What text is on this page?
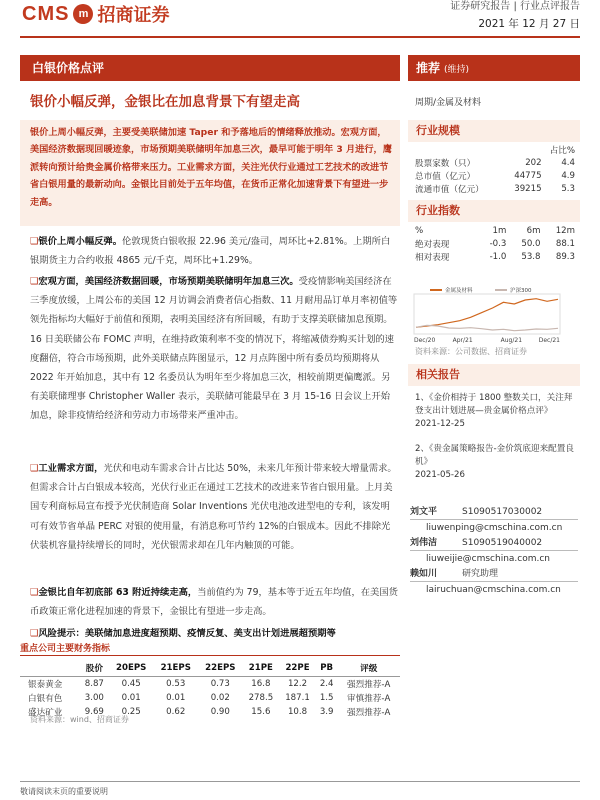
CMS m 招商证券	证券研究报告 | 行业点评报告
2021 年 12 月 27 日
白银价格点评	推荐 (维持)
银价小幅反弹，金银比在加息背景下有望走高	周期/金属及材料
银价上周小幅反弹，主要受美联储加速 Taper 和予落地后的情绪释放推动。宏观方面，美国经济数据现回暖迹象，市场预期美联储明年加息三次，最早可能于明年 3 月进行，鹰派转向预计给贵金属价格带来压力。工业需求方面，关注光伏行业通过工艺技术的改进节省白银用量的最新动向。金银比目前处于五年均值，在货币正常化加速背景下有望进一步走高。
❑银价上周小幅反弹。伦敦现货白银收报 22.96 美元/盎司，周环比+2.81%。上期所白银期货主力合约收报 4865 元/千克，周环比+1.29%。
❑宏观方面，美国经济数据回暖，市场预期美联储明年加息三次。受疫情影响美国经济在三季度放缓，上周公布的美国 12 月访调会消费者信心指数、11 月耐用品订单月率初值等领先指标均大幅好于前值和预期，表明美国经济有所回暖，有助于支撑美联储加息预期。16 日美联储公布 FOMC 声明，在维持政策利率不变的情况下，将缩减债券购买计划的速度翻倍，符合市场预期，此外美联储点阵图显示，12 月点阵图中所有委员均预期将从 2022 年开始加息，其中有 12 名委员认为明年至少将加息三次，相较前期更偏鹰派。另有美联储理事 Christopher Waller 表示，美联储可能最早在 3 月 15-16 日会议上开始加息，除非疫情给经济和劳动力市场带来严重冲击。
❑工业需求方面，光伏和电动车需求合计占比达 50%，未来几年预计带来较大增量需求。但需求合计占白银成本较高，光伏行业正在通过工艺技术的改进来节省白银用量。上月美国专利商标局宣布授予光伏制造商 Solar Inventions 光伏电池改进型电的专利，该发明可有效节省单晶 PERC 对银的使用量，有消息称可节约 12%的白银成本。因此不排除光伏装机容量持续增长的同时，光伏银需求却在几年内触顶的可能。
❑金银比自年初底部 63 附近持续走高，当前值约为 79，基本等于近五年均值，在美国货币政策正常化进程加速的背景下，金银比有望进一步走高。
❑风险提示：美联储加息进度超预期、疫情反复、美支出计划进展超预期等
行业规模
		占比%
股票家数（只）	202	4.4
总市值（亿元）	44775	4.9
流通市值（亿元）	39215	5.3
行业指数
%	1m	6m	12m
绝对表现	-0.3	50.0	88.1
相对表现	-1.0	53.8	89.3
金属及材料	沪深300
Dec/20	Apr/21	Aug/21	Dec/21
资料来源：公司数据、招商证券
相关报告
1、《金价相持于 1800 整数关口，关注拜登支出计划进展—贵金属价格点评》
2021-12-25
2、《贵金属策略报告-金价筑底迎来配置良机》
2021-05-26
刘文平	S1090517030002
liuwenping@cmschina.com.cn
刘伟洁	S1090519040002
liuweijie@cmschina.com.cn
赖如川	研究助理
lairuchuan@cmschina.com.cn
重点公司主要财务指标
	股价	20EPS	21EPS	22EPS	21PE	22PE	PB	评级
银泰黄金	8.87	0.45	0.53	0.73	16.8	12.2	2.4	强烈推荐-A
白银有色	3.00	0.01	0.01	0.02	278.5	187.1	1.5	审慎推荐-A
盛达矿业	9.69	0.25	0.62	0.90	15.6	10.8	3.9	强烈推荐-A
资料来源：wind、招商证券
敬请阅读末页的重要说明
